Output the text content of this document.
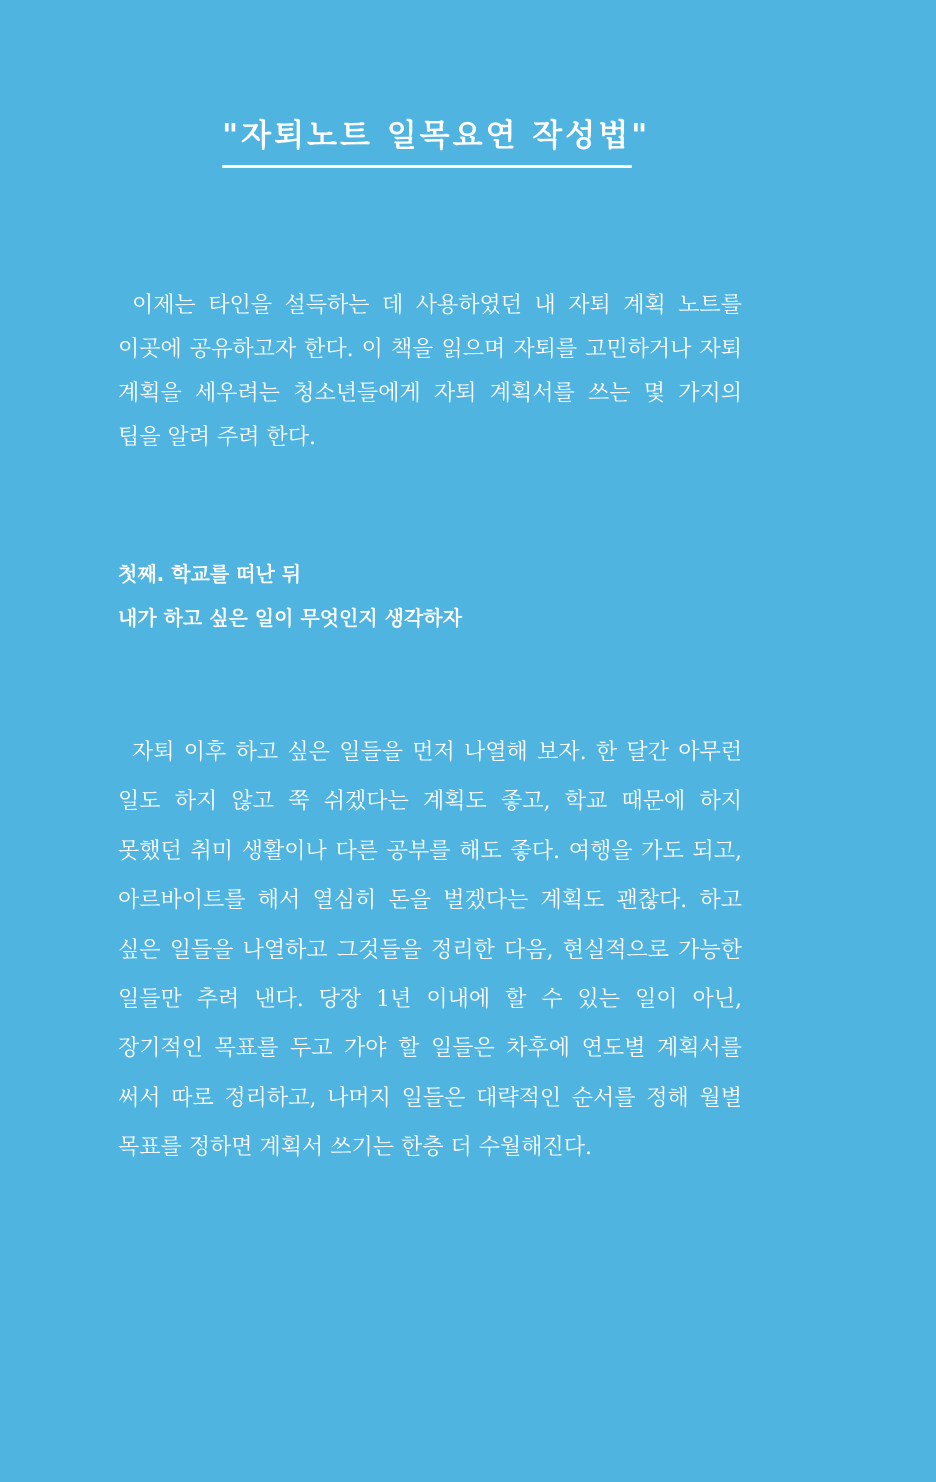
"자퇴노트 일목요연 작성법"

이제는 타인을 설득하는 데 사용하였던 내 자퇴 계획 노트를 이곳에 공유하고자 한다. 이 책을 읽으며 자퇴를 고민하거나 자퇴 계획을 세우려는 청소년들에게 자퇴 계획서를 쓰는 몇 가지의 팁을 알려 주려 한다.

첫째. 학교를 떠난 뒤
내가 하고 싶은 일이 무엇인지 생각하자

자퇴 이후 하고 싶은 일들을 먼저 나열해 보자. 한 달간 아무런 일도 하지 않고 쭉 쉬겠다는 계획도 좋고, 학교 때문에 하지 못했던 취미 생활이나 다른 공부를 해도 좋다. 여행을 가도 되고, 아르바이트를 해서 열심히 돈을 벌겠다는 계획도 괜찮다. 하고 싶은 일들을 나열하고 그것들을 정리한 다음, 현실적으로 가능한 일들만 추려 낸다. 당장 1년 이내에 할 수 있는 일이 아닌, 장기적인 목표를 두고 가야 할 일들은 차후에 연도별 계획서를 써서 따로 정리하고, 나머지 일들은 대략적인 순서를 정해 월별 목표를 정하면 계획서 쓰기는 한층 더 수월해진다.
